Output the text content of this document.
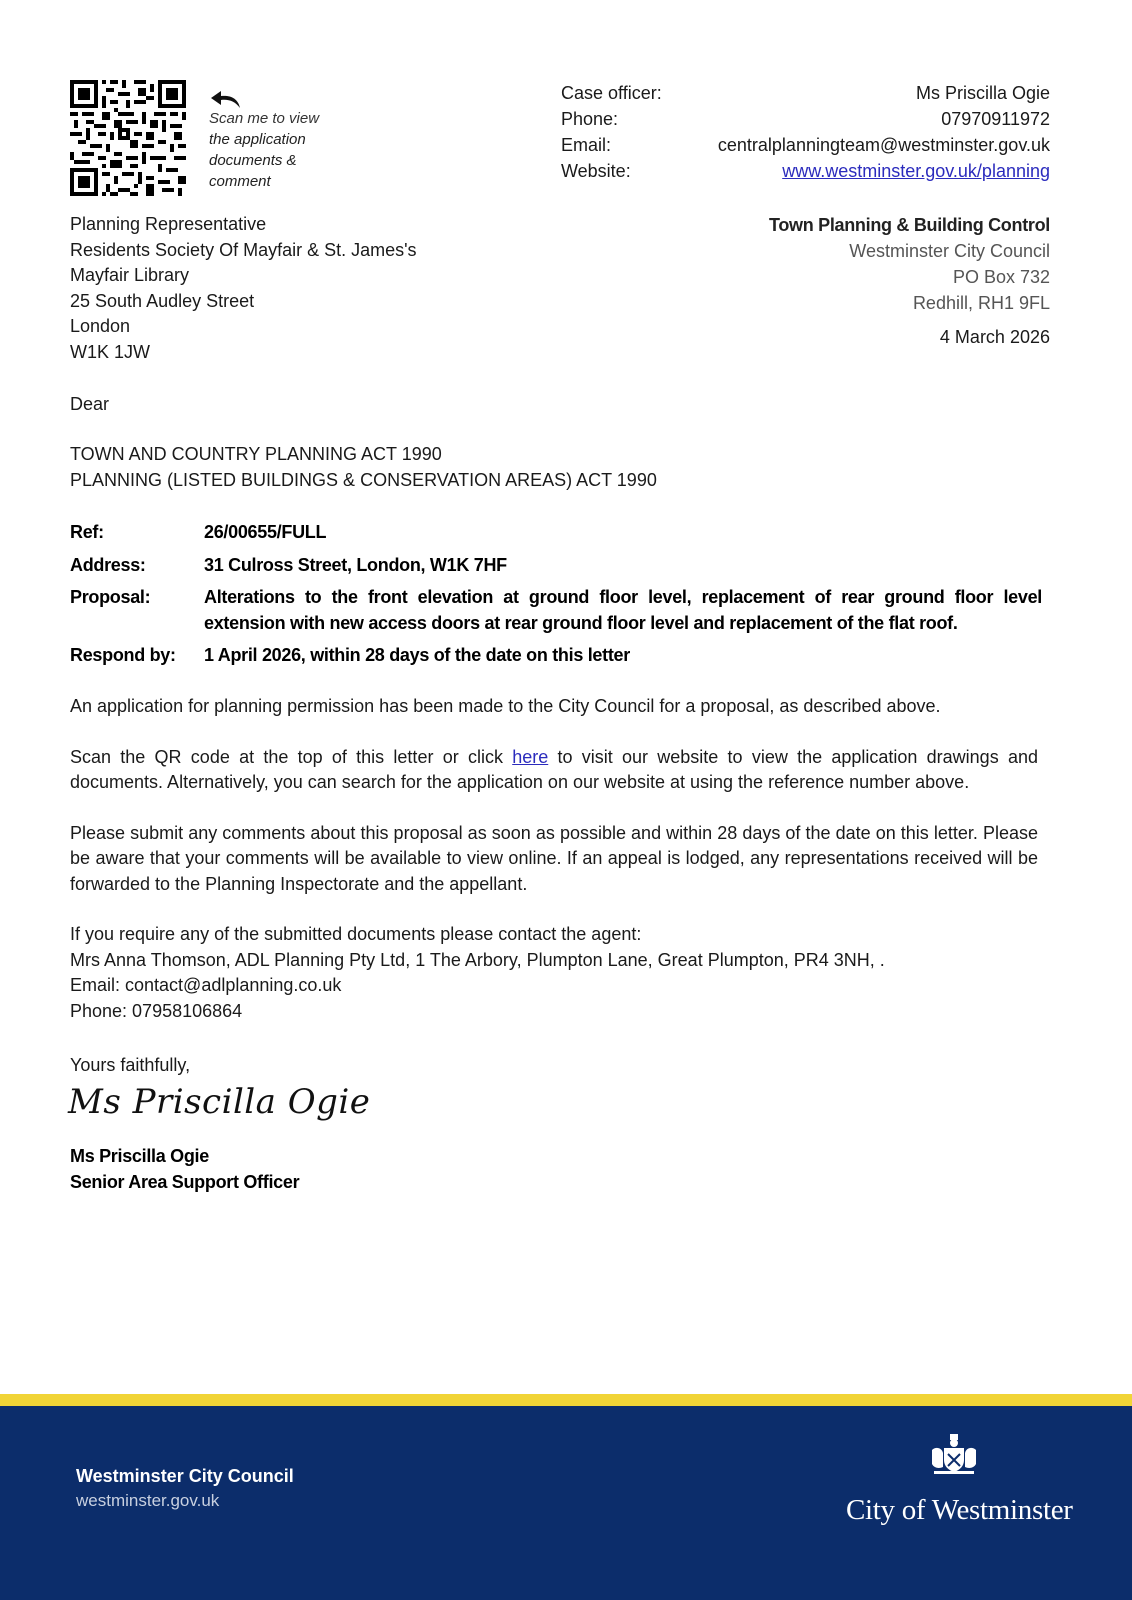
Scan me to view
the application
documents &
comment
Case officer:	Ms Priscilla Ogie
Phone:	07970911972
Email:	centralplanningteam@westminster.gov.uk
Website:	www.westminster.gov.uk/planning
Planning Representative
Residents Society Of Mayfair & St. James's
Mayfair Library
25 South Audley Street
London
W1K 1JW
Town Planning & Building Control
Westminster City Council
PO Box 732
Redhill, RH1 9FL
4 March 2026
Dear
TOWN AND COUNTRY PLANNING ACT 1990
PLANNING (LISTED BUILDINGS & CONSERVATION AREAS) ACT 1990
Ref:	26/00655/FULL
Address:	31 Culross Street, London, W1K 7HF
Proposal:	Alterations to the front elevation at ground floor level, replacement of rear ground floor level extension with new access doors at rear ground floor level and replacement of the flat roof.
Respond by:	1 April 2026, within 28 days of the date on this letter

An application for planning permission has been made to the City Council for a proposal, as described above.

Scan the QR code at the top of this letter or click here to visit our website to view the application drawings and documents. Alternatively, you can search for the application on our website at using the reference number above.

Please submit any comments about this proposal as soon as possible and within 28 days of the date on this letter. Please be aware that your comments will be available to view online. If an appeal is lodged, any representations received will be forwarded to the Planning Inspectorate and the appellant.

If you require any of the submitted documents please contact the agent:
Mrs Anna Thomson, ADL Planning Pty Ltd, 1 The Arbory, Plumpton Lane, Great Plumpton, PR4 3NH, .
Email: contact@adlplanning.co.uk
Phone: 07958106864

Yours faithfully,
Ms Priscilla Ogie
Ms Priscilla Ogie
Senior Area Support Officer
Westminster City Council
westminster.gov.uk	City of Westminster
